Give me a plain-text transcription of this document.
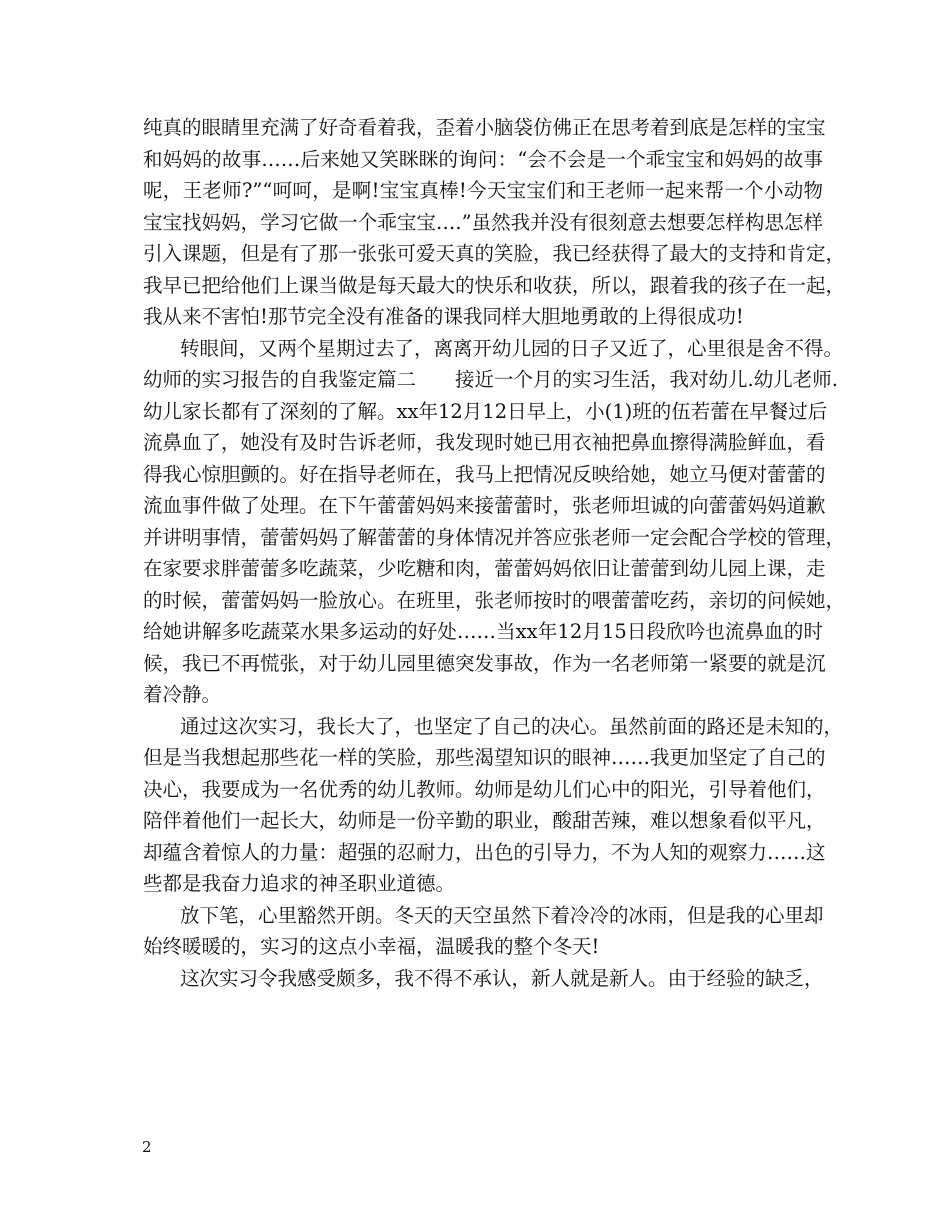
纯真的眼睛里充满了好奇看着我，歪着小脑袋仿佛正在思考着到底是怎样的宝宝
和妈妈的故事……后来她又笑眯眯的询问：“会不会是一个乖宝宝和妈妈的故事
呢，王老师?”“呵呵，是啊!宝宝真棒!今天宝宝们和王老师一起来帮一个小动物
宝宝找妈妈，学习它做一个乖宝宝….”虽然我并没有很刻意去想要怎样构思怎样
引入课题，但是有了那一张张可爱天真的笑脸，我已经获得了最大的支持和肯定，
我早已把给他们上课当做是每天最大的快乐和收获，所以，跟着我的孩子在一起，
我从来不害怕!那节完全没有准备的课我同样大胆地勇敢的上得很成功!
转眼间，又两个星期过去了，离离开幼儿园的日子又近了，心里很是舍不得。
幼师的实习报告的自我鉴定篇二　　接近一个月的实习生活，我对幼儿.幼儿老师.
幼儿家长都有了深刻的了解。xx年12月12日早上，小(1)班的伍若蕾在早餐过后
流鼻血了，她没有及时告诉老师，我发现时她已用衣袖把鼻血擦得满脸鲜血，看
得我心惊胆颤的。好在指导老师在，我马上把情况反映给她，她立马便对蕾蕾的
流血事件做了处理。在下午蕾蕾妈妈来接蕾蕾时，张老师坦诚的向蕾蕾妈妈道歉
并讲明事情，蕾蕾妈妈了解蕾蕾的身体情况并答应张老师一定会配合学校的管理，
在家要求胖蕾蕾多吃蔬菜，少吃糖和肉，蕾蕾妈妈依旧让蕾蕾到幼儿园上课，走
的时候，蕾蕾妈妈一脸放心。在班里，张老师按时的喂蕾蕾吃药，亲切的问候她，
给她讲解多吃蔬菜水果多运动的好处……当xx年12月15日段欣吟也流鼻血的时
候，我已不再慌张，对于幼儿园里德突发事故，作为一名老师第一紧要的就是沉
着冷静。
通过这次实习，我长大了，也坚定了自己的决心。虽然前面的路还是未知的，
但是当我想起那些花一样的笑脸，那些渴望知识的眼神……我更加坚定了自己的
决心，我要成为一名优秀的幼儿教师。幼师是幼儿们心中的阳光，引导着他们，
陪伴着他们一起长大，幼师是一份辛勤的职业，酸甜苦辣，难以想象看似平凡，
却蕴含着惊人的力量：超强的忍耐力，出色的引导力，不为人知的观察力……这
些都是我奋力追求的神圣职业道德。
放下笔，心里豁然开朗。冬天的天空虽然下着冷冷的冰雨，但是我的心里却
始终暖暖的，实习的这点小幸福，温暖我的整个冬天!
这次实习令我感受颇多，我不得不承认，新人就是新人。由于经验的缺乏，
2
